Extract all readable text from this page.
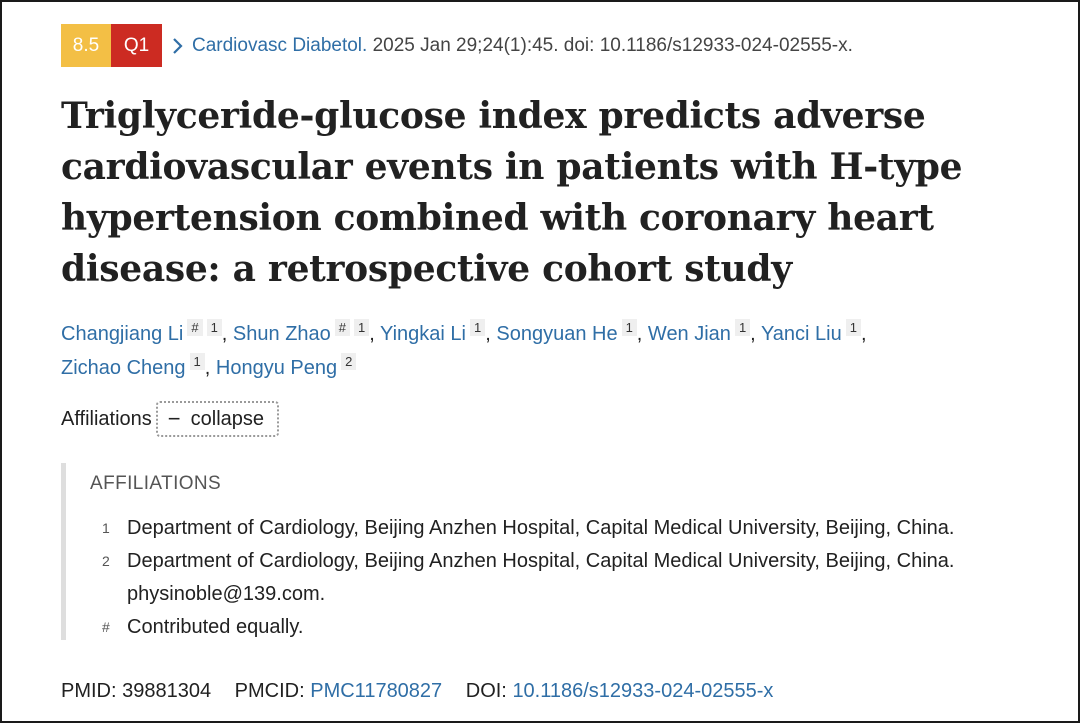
8.5	Q1	Cardiovasc Diabetol. 2025 Jan 29;24(1):45. doi: 10.1186/s12933-024-02555-x.
Triglyceride-glucose index predicts adverse cardiovascular events in patients with H-type hypertension combined with coronary heart disease: a retrospective cohort study
Changjiang Li # 1 , Shun Zhao # 1 , Yingkai Li 1 , Songyuan He 1 , Wen Jian 1 , Yanci Liu 1 ,
Zichao Cheng 1 , Hongyu Peng 2
Affiliations − collapse
AFFILIATIONS
1 Department of Cardiology, Beijing Anzhen Hospital, Capital Medical University, Beijing, China.
2 Department of Cardiology, Beijing Anzhen Hospital, Capital Medical University, Beijing, China. physinoble@139.com.
# Contributed equally.
PMID: 39881304 PMCID: PMC11780827 DOI: 10.1186/s12933-024-02555-x
